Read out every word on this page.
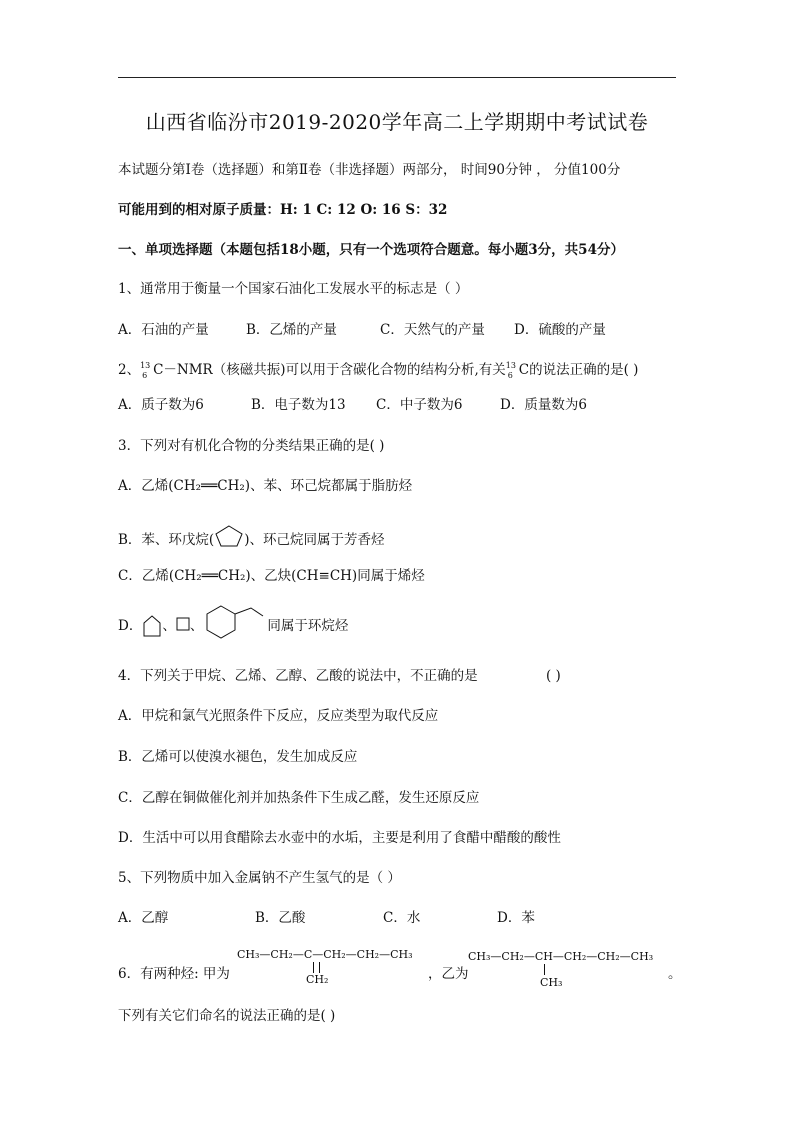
山西省临汾市2019-2020学年高二上学期期中考试试卷
本试题分第Ⅰ卷（选择题）和第Ⅱ卷（非选择题）两部分， 时间90分钟 ， 分值100分
可能用到的相对原子质量：H: 1 C: 12 O: 16 S：32
一、单项选择题（本题包括18小题，只有一个选项符合题意。每小题3分，共54分）
1、通常用于衡量一个国家石油化工发展水平的标志是（ ）
A．石油的产量	B．乙烯的产量	C．天然气的产量 D．硫酸的产量
2、 13
6 C－NMR（核磁共振)可以用于含碳化合物的结构分析,有关 13
6 C的说法正确的是( )
A．质子数为6	B．电子数为13 C．中子数为6	D．质量数为6
3．下列对有机化合物的分类结果正确的是( )
A．乙烯(CH₂══CH₂)、苯、环己烷都属于脂肪烃
B．苯、环戊烷( )、环己烷同属于芳香烃
C．乙烯(CH₂══CH₂)、乙炔(CH≡CH)同属于烯烃
D． 、 、	同属于环烷烃
4．下列关于甲烷、乙烯、乙醇、乙酸的说法中，不正确的是	( )
A．甲烷和氯气光照条件下反应，反应类型为取代反应
B．乙烯可以使溴水褪色，发生加成反应
C．乙醇在铜做催化剂并加热条件下生成乙醛，发生还原反应
D．生活中可以用食醋除去水壶中的水垢，主要是利用了食醋中醋酸的酸性
5、下列物质中加入金属钠不产生氢气的是（ ）
A．乙醇	B．乙酸	C．水	D．苯
6．有两种烃: 甲为
CH₃—CH₂—C—CH₂—CH₂—CH₃
CH₂	，乙为
CH₃—CH₂—CH—CH₂—CH₂—CH₃
CH₃
。
下列有关它们命名的说法正确的是( )
